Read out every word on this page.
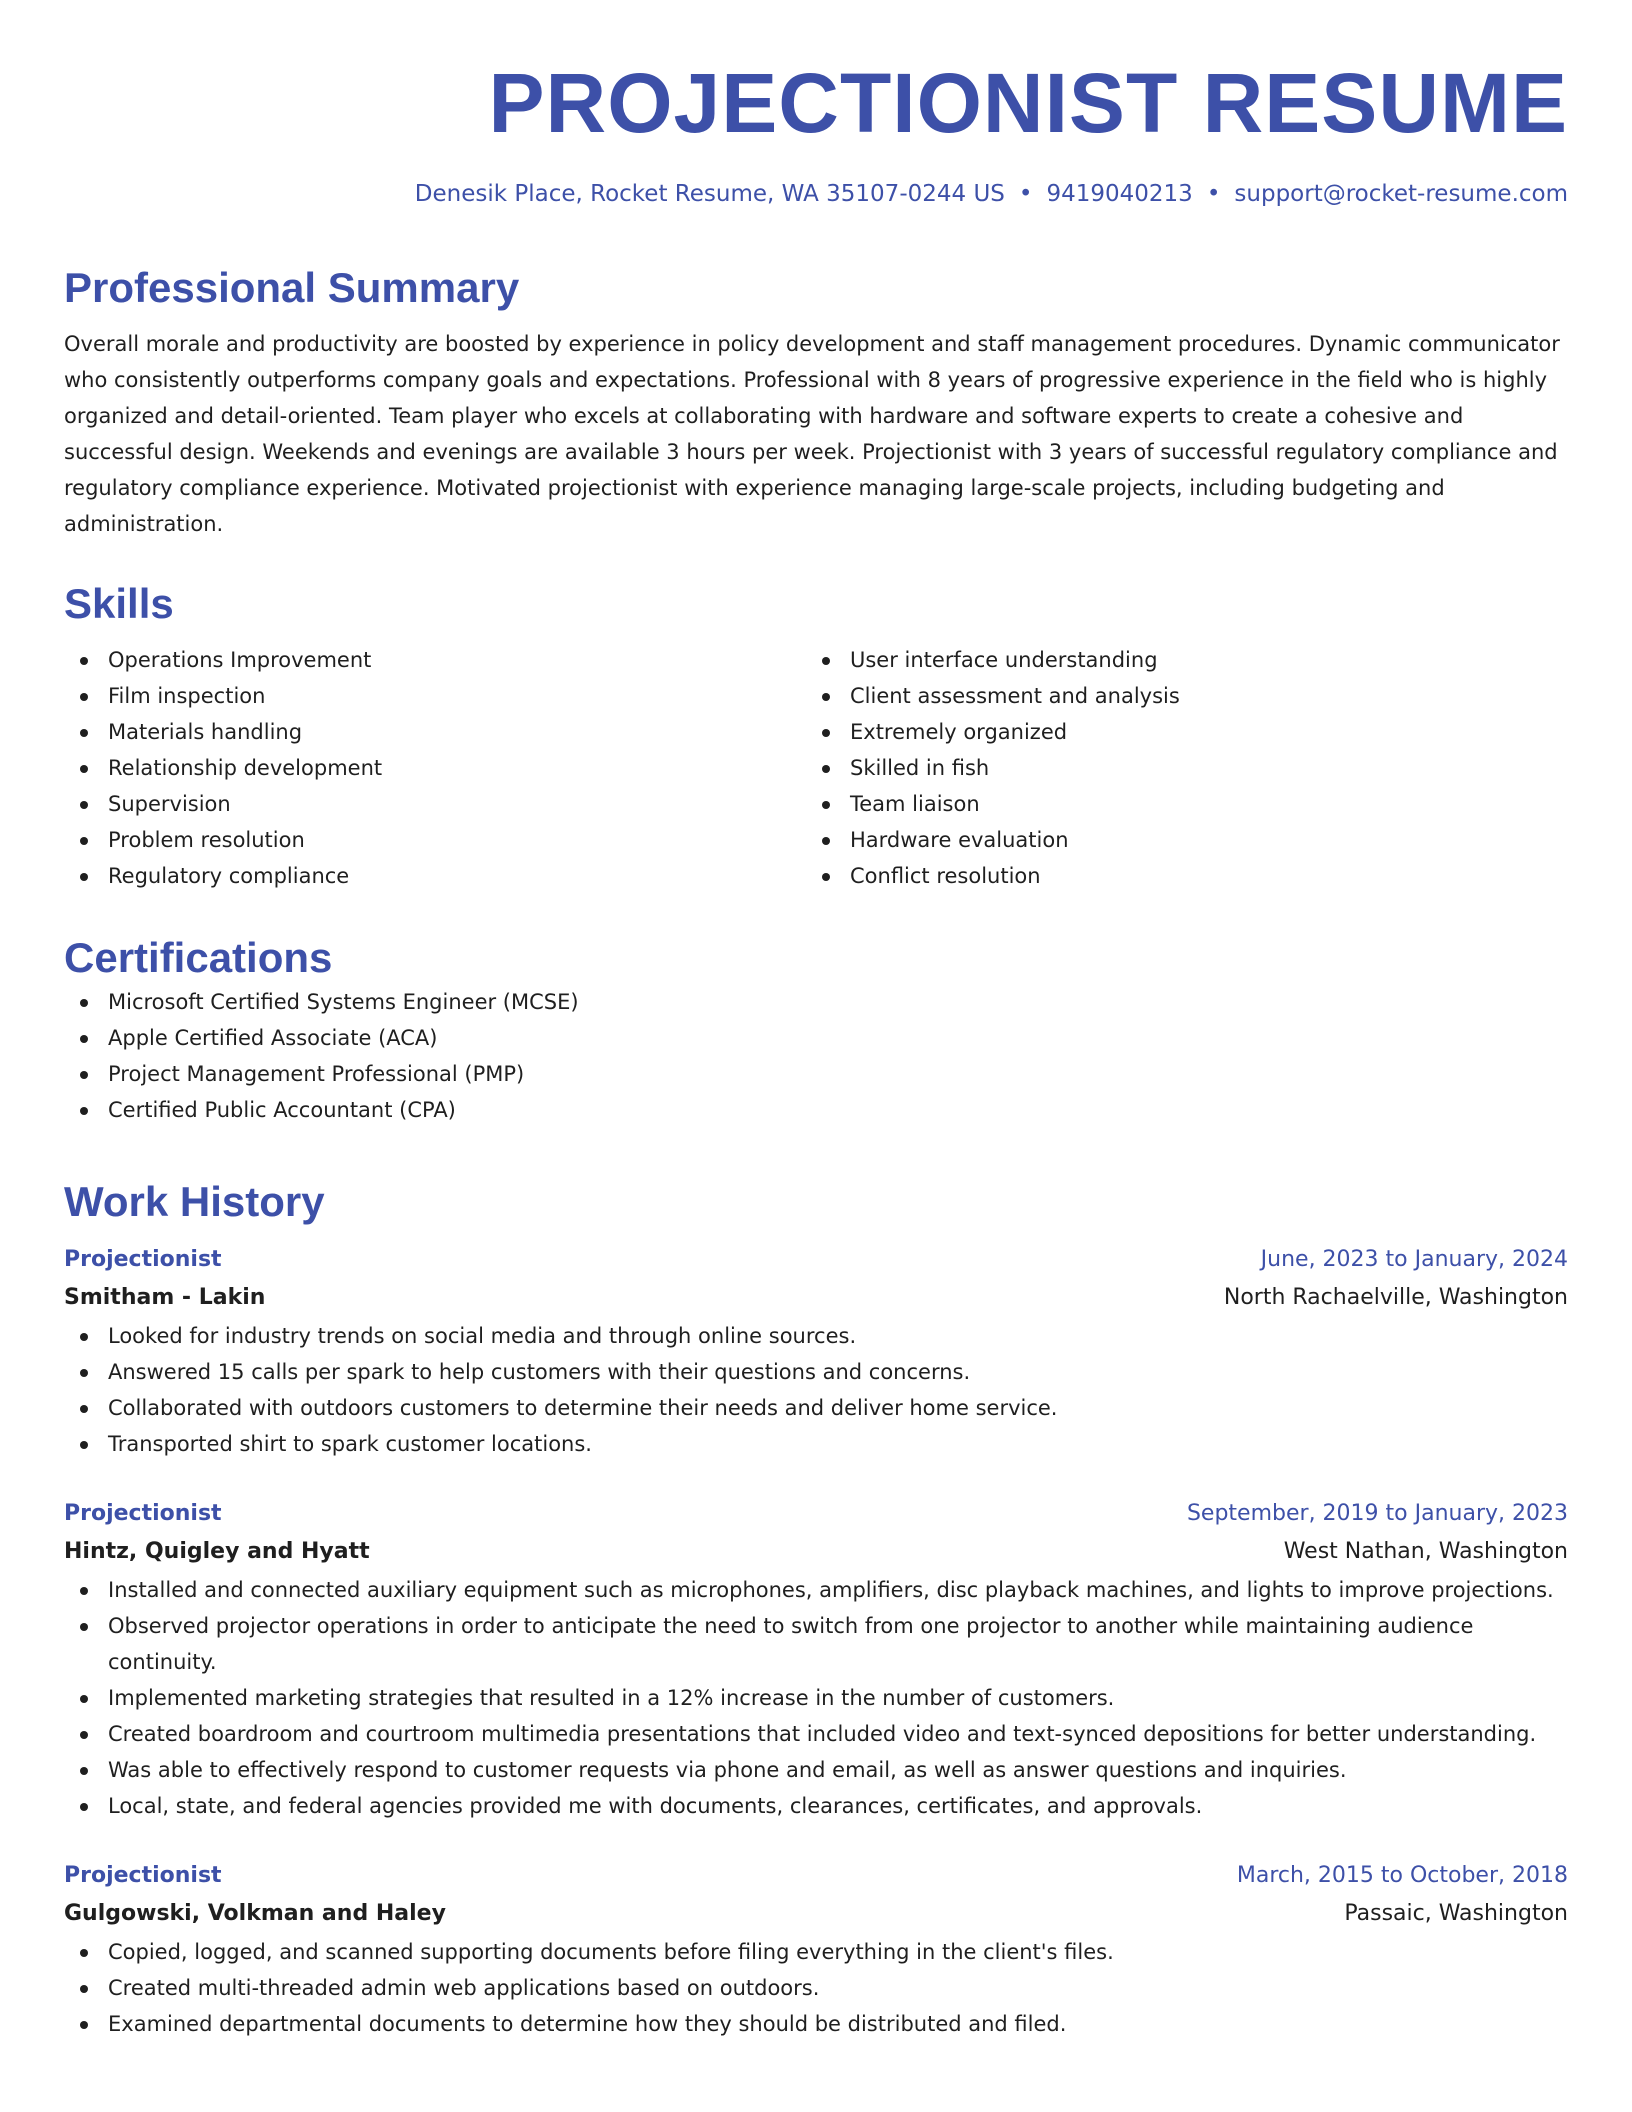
PROJECTIONIST RESUME
Denesik Place, Rocket Resume, WA 35107-0244 US • 9419040213 • support@rocket-resume.com
Professional Summary

Overall morale and productivity are boosted by experience in policy development and staff management procedures. Dynamic communicator who consistently outperforms company goals and expectations. Professional with 8 years of progressive experience in the field who is highly organized and detail-oriented. Team player who excels at collaborating with hardware and software experts to create a cohesive and successful design. Weekends and evenings are available 3 hours per week. Projectionist with 3 years of successful regulatory compliance and regulatory compliance experience. Motivated projectionist with experience managing large-scale projects, including budgeting and administration.

Skills
Operations Improvement
Film inspection
Materials handling
Relationship development
Supervision
Problem resolution
Regulatory compliance
User interface understanding
Client assessment and analysis
Extremely organized
Skilled in fish
Team liaison
Hardware evaluation
Conflict resolution
Certifications
Microsoft Certified Systems Engineer (MCSE)
Apple Certified Associate (ACA)
Project Management Professional (PMP)
Certified Public Accountant (CPA)
Work History
Projectionist	June, 2023 to January, 2024
Smitham - Lakin	North Rachaelville, Washington
Looked for industry trends on social media and through online sources.
Answered 15 calls per spark to help customers with their questions and concerns.
Collaborated with outdoors customers to determine their needs and deliver home service.
Transported shirt to spark customer locations.
Projectionist	September, 2019 to January, 2023
Hintz, Quigley and Hyatt	West Nathan, Washington
Installed and connected auxiliary equipment such as microphones, amplifiers, disc playback machines, and lights to improve projections.
Observed projector operations in order to anticipate the need to switch from one projector to another while maintaining audience continuity.
Implemented marketing strategies that resulted in a 12% increase in the number of customers.
Created boardroom and courtroom multimedia presentations that included video and text-synced depositions for better understanding.
Was able to effectively respond to customer requests via phone and email, as well as answer questions and inquiries.
Local, state, and federal agencies provided me with documents, clearances, certificates, and approvals.
Projectionist	March, 2015 to October, 2018
Gulgowski, Volkman and Haley	Passaic, Washington
Copied, logged, and scanned supporting documents before filing everything in the client's files.
Created multi-threaded admin web applications based on outdoors.
Examined departmental documents to determine how they should be distributed and filed.
